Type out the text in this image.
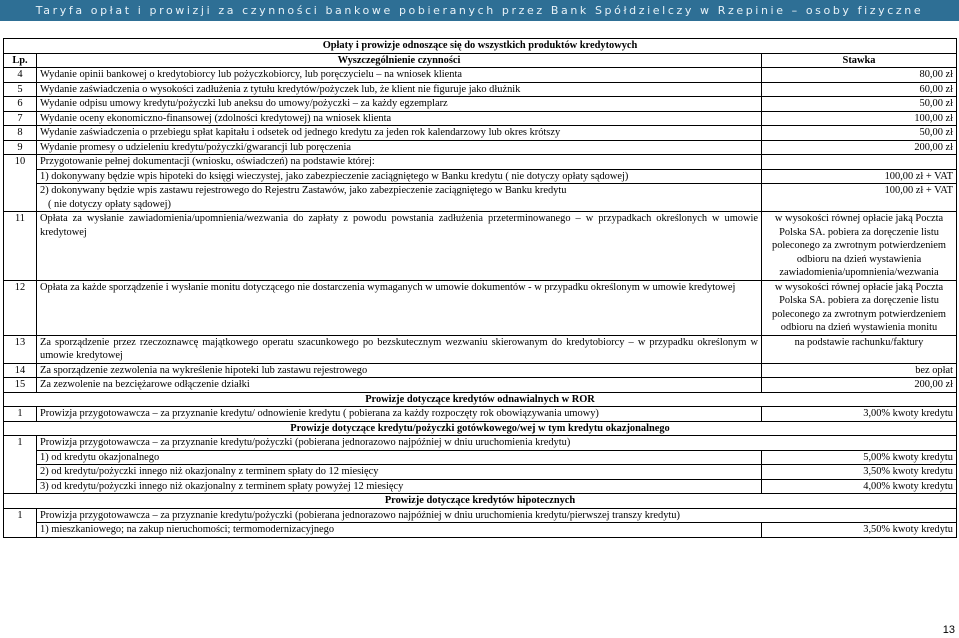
Taryfa opłat i prowizji za czynności bankowe pobieranych przez Bank Spółdzielczy w Rzepinie – osoby fizyczne
Opłaty i prowizje odnoszące się do wszystkich produktów kredytowych		
Lp.	Wyszczególnienie czynności	Stawka
4	Wydanie opinii bankowej o kredytobiorcy lub pożyczkobiorcy, lub poręczycielu – na wniosek klienta	80,00 zł
5	Wydanie zaświadczenia o wysokości zadłużenia z tytułu kredytów/pożyczek lub, że klient nie figuruje jako dłużnik	60,00 zł
6	Wydanie odpisu umowy kredytu/pożyczki lub aneksu do umowy/pożyczki – za każdy egzemplarz	50,00 zł
7	Wydanie oceny ekonomiczno-finansowej (zdolności kredytowej) na wniosek klienta	100,00 zł
8	Wydanie zaświadczenia o przebiegu spłat kapitału i odsetek od jednego kredytu za jeden rok kalendarzowy lub okres krótszy	50,00 zł
9	Wydanie promesy o udzieleniu kredytu/pożyczki/gwarancji lub poręczenia	200,00 zł
10	Przygotowanie pełnej dokumentacji (wniosku, oświadczeń) na podstawie której:	
	1) dokonywany będzie wpis hipoteki do księgi wieczystej, jako zabezpieczenie zaciągniętego w Banku kredytu ( nie dotyczy opłaty sądowej)	100,00 zł + VAT

	2) dokonywany będzie wpis zastawu rejestrowego do Rejestru Zastawów, jako zabezpieczenie zaciągniętego w Banku kredytu
( nie dotyczy opłaty sądowej)	100,00 zł + VAT
11	Opłata za wysłanie zawiadomienia/upomnienia/wezwania do zapłaty z powodu powstania zadłużenia przeterminowanego – w przypadkach określonych w umowie kredytowej	w wysokości równej opłacie jaką Poczta Polska SA. pobiera za doręczenie listu poleconego za zwrotnym potwierdzeniem odbioru na dzień wystawienia zawiadomienia/upomnienia/wezwania
12	Opłata za każde sporządzenie i wysłanie monitu dotyczącego nie dostarczenia wymaganych w umowie dokumentów - w przypadku określonym w umowie kredytowej	w wysokości równej opłacie jaką Poczta Polska SA. pobiera za doręczenie listu poleconego za zwrotnym potwierdzeniem odbioru na dzień wystawienia monitu
13	Za sporządzenie przez rzeczoznawcę majątkowego operatu szacunkowego po bezskutecznym wezwaniu skierowanym do kredytobiorcy – w przypadku określonym w umowie kredytowej	na podstawie rachunku/faktury
14	Za sporządzenie zezwolenia na wykreślenie hipoteki lub zastawu rejestrowego	bez opłat
15	Za zezwolenie na bezciężarowe odłączenie działki	200,00 zł
Prowizje dotyczące kredytów odnawialnych w ROR		
1	Prowizja przygotowawcza – za przyznanie kredytu/ odnowienie kredytu ( pobierana za każdy rozpoczęty rok obowiązywania umowy)	3,00% kwoty kredytu
Prowizje dotyczące kredytu/pożyczki gotówkowego/wej w tym kredytu okazjonalnego		
1	Prowizja przygotowawcza – za przyznanie kredytu/pożyczki (pobierana jednorazowo najpóźniej w dniu uruchomienia kredytu)	
	1) od kredytu okazjonalnego	5,00% kwoty kredytu
	2) od kredytu/pożyczki innego niż okazjonalny z terminem spłaty do 12 miesięcy	3,50% kwoty kredytu
	3) od kredytu/pożyczki innego niż okazjonalny z terminem spłaty powyżej 12 miesięcy	4,00% kwoty kredytu
Prowizje dotyczące kredytów hipotecznych		
1	Prowizja przygotowawcza – za przyznanie kredytu/pożyczki (pobierana jednorazowo najpóźniej w dniu uruchomienia kredytu/pierwszej transzy kredytu)	
	1) mieszkaniowego; na zakup nieruchomości; termomodernizacyjnego	3,50% kwoty kredytu
13
